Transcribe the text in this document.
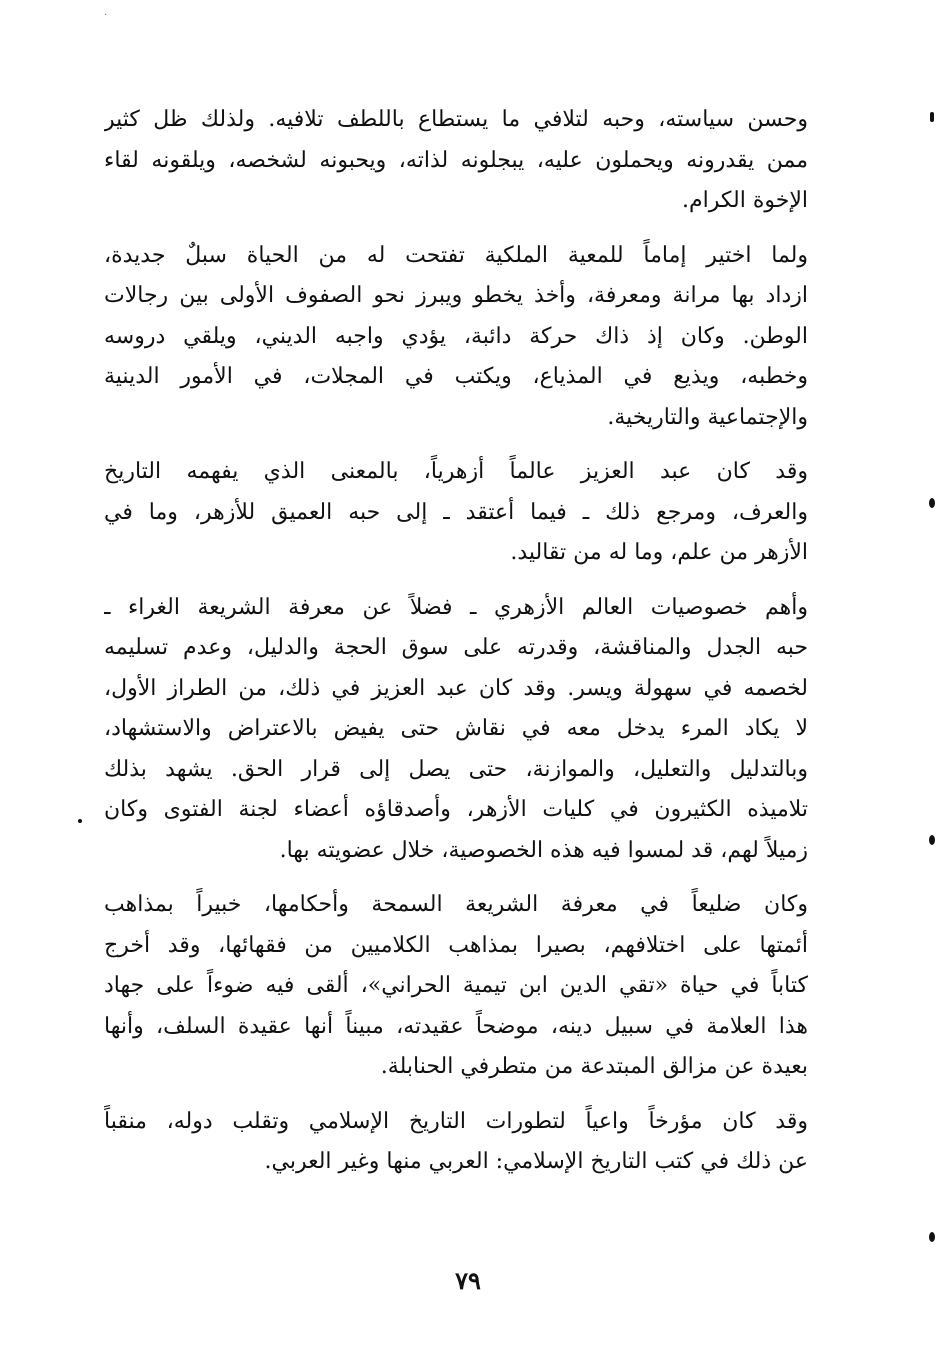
·
وحسن سياسته، وحبه لتلافي ما يستطاع باللطف تلافيه. ولذلك ظل كثير
ممن يقدرونه ويحملون عليه، يبجلونه لذاته، ويحبونه لشخصه، ويلقونه لقاء
الإخوة الكرام.
ولما اختير إماماً للمعية الملكية تفتحت له من الحياة سبلٌ جديدة،
ازداد بها مرانة ومعرفة، وأخذ يخطو ويبرز نحو الصفوف الأولى بين رجالات
الوطن. وكان إذ ذاك حركة دائبة، يؤدي واجبه الديني، ويلقي دروسه
وخطبه، ويذيع في المذياع، ويكتب في المجلات، في الأمور الدينية
والإجتماعية والتاريخية.
وقد كان عبد العزيز عالماً أزهرياً، بالمعنى الذي يفهمه التاريخ
والعرف، ومرجع ذلك ـ فيما أعتقد ـ إلى حبه العميق للأزهر، وما في
الأزهر من علم، وما له من تقاليد.
وأهم خصوصيات العالم الأزهري ـ فضلاً عن معرفة الشريعة الغراء ـ
حبه الجدل والمناقشة، وقدرته على سوق الحجة والدليل، وعدم تسليمه
لخصمه في سهولة ويسر. وقد كان عبد العزيز في ذلك، من الطراز الأول،
لا يكاد المرء يدخل معه في نقاش حتى يفيض بالاعتراض والاستشهاد،
وبالتدليل والتعليل، والموازنة، حتى يصل إلى قرار الحق. يشهد بذلك
تلاميذه الكثيرون في كليات الأزهر، وأصدقاؤه أعضاء لجنة الفتوى وكان
زميلاً لهم، قد لمسوا فيه هذه الخصوصية، خلال عضويته بها.
وكان ضليعاً في معرفة الشريعة السمحة وأحكامها، خبيراً بمذاهب
أئمتها على اختلافهم، بصيرا بمذاهب الكلاميين من فقهائها، وقد أخرج
كتاباً في حياة «تقي الدين ابن تيمية الحراني»، ألقى فيه ضوءاً على جهاد
هذا العلامة في سبيل دينه، موضحاً عقيدته، مبيناً أنها عقيدة السلف، وأنها
بعيدة عن مزالق المبتدعة من متطرفي الحنابلة.
وقد كان مؤرخاً واعياً لتطورات التاريخ الإسلامي وتقلب دوله، منقباً
عن ذلك في كتب التاريخ الإسلامي: العربي منها وغير العربي.
٧٩
